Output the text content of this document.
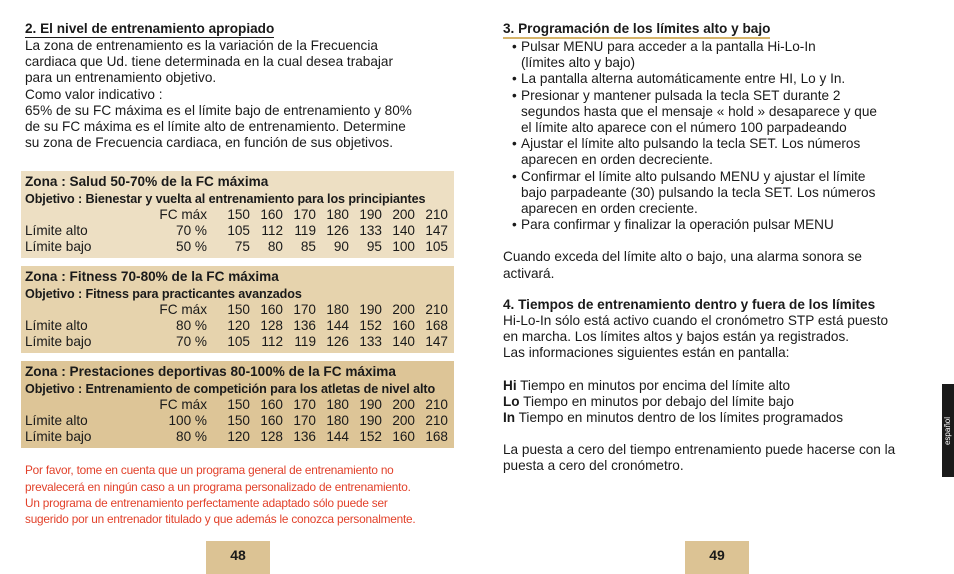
2. El nivel de entrenamiento apropiado

La zona de entrenamiento es la variación de la Frecuencia
cardiaca que Ud. tiene determinada en la cual desea trabajar
para un entrenamiento objetivo.
Como valor indicativo :
65% de su FC máxima es el límite bajo de entrenamiento y 80%
de su FC máxima es el límite alto de entrenamiento. Determine
su zona de Frecuencia cardiaca, en función de sus objetivos.

Zona : Salud 50-70% de la FC máxima
Objetivo : Bienestar y vuelta al entrenamiento para los principiantes
FC máx	150 160 170 180 190 200 210
Límite alto	70 %	105 112 119 126 133 140 147
Límite bajo	50 %	75	80	85	90	95 100 105
Zona : Fitness 70-80% de la FC máxima
Objetivo : Fitness para practicantes avanzados
FC máx	150 160 170 180 190 200 210
Límite alto	80 %	120 128 136 144 152 160 168
Límite bajo	70 %	105 112 119 126 133 140 147
Zona : Prestaciones deportivas 80-100% de la FC máxima
Objetivo : Entrenamiento de competición para los atletas de nivel alto
FC máx	150 160 170 180 190 200 210
Límite alto	100 %	150 160 170 180 190 200 210
Límite bajo	80 %	120 128 136 144 152 160 168
Por favor, tome en cuenta que un programa general de entrenamiento no
prevalecerá en ningún caso a un programa personalizado de entrenamiento.
Un programa de entrenamiento perfectamente adaptado sólo puede ser
sugerido por un entrenador titulado y que además le conozca personalmente.
3. Programación de los límites alto y bajo
• Pulsar MENU para acceder a la pantalla Hi-Lo-In
(límites alto y bajo)
• La pantalla alterna automáticamente entre HI, Lo y In.
• Presionar y mantener pulsada la tecla SET durante 2
segundos hasta que el mensaje « hold » desaparece y que
el límite alto aparece con el número 100 parpadeando
• Ajustar el límite alto pulsando la tecla SET. Los números
aparecen en orden decreciente.
• Confirmar el límite alto pulsando MENU y ajustar el límite
bajo parpadeante (30) pulsando la tecla SET. Los números
aparecen en orden creciente.
• Para confirmar y finalizar la operación pulsar MENU

Cuando exceda del límite alto o bajo, una alarma sonora se
activará.

4. Tiempos de entrenamiento dentro y fuera de los límites

Hi-Lo-In sólo está activo cuando el cronómetro STP está puesto
en marcha. Los límites altos y bajos están ya registrados.
Las informaciones siguientes están en pantalla:

Hi Tiempo en minutos por encima del límite alto
Lo Tiempo en minutos por debajo del límite bajo
In Tiempo en minutos dentro de los límites programados

La puesta a cero del tiempo entrenamiento puede hacerse con la
puesta a cero del cronómetro.

48	49
español
